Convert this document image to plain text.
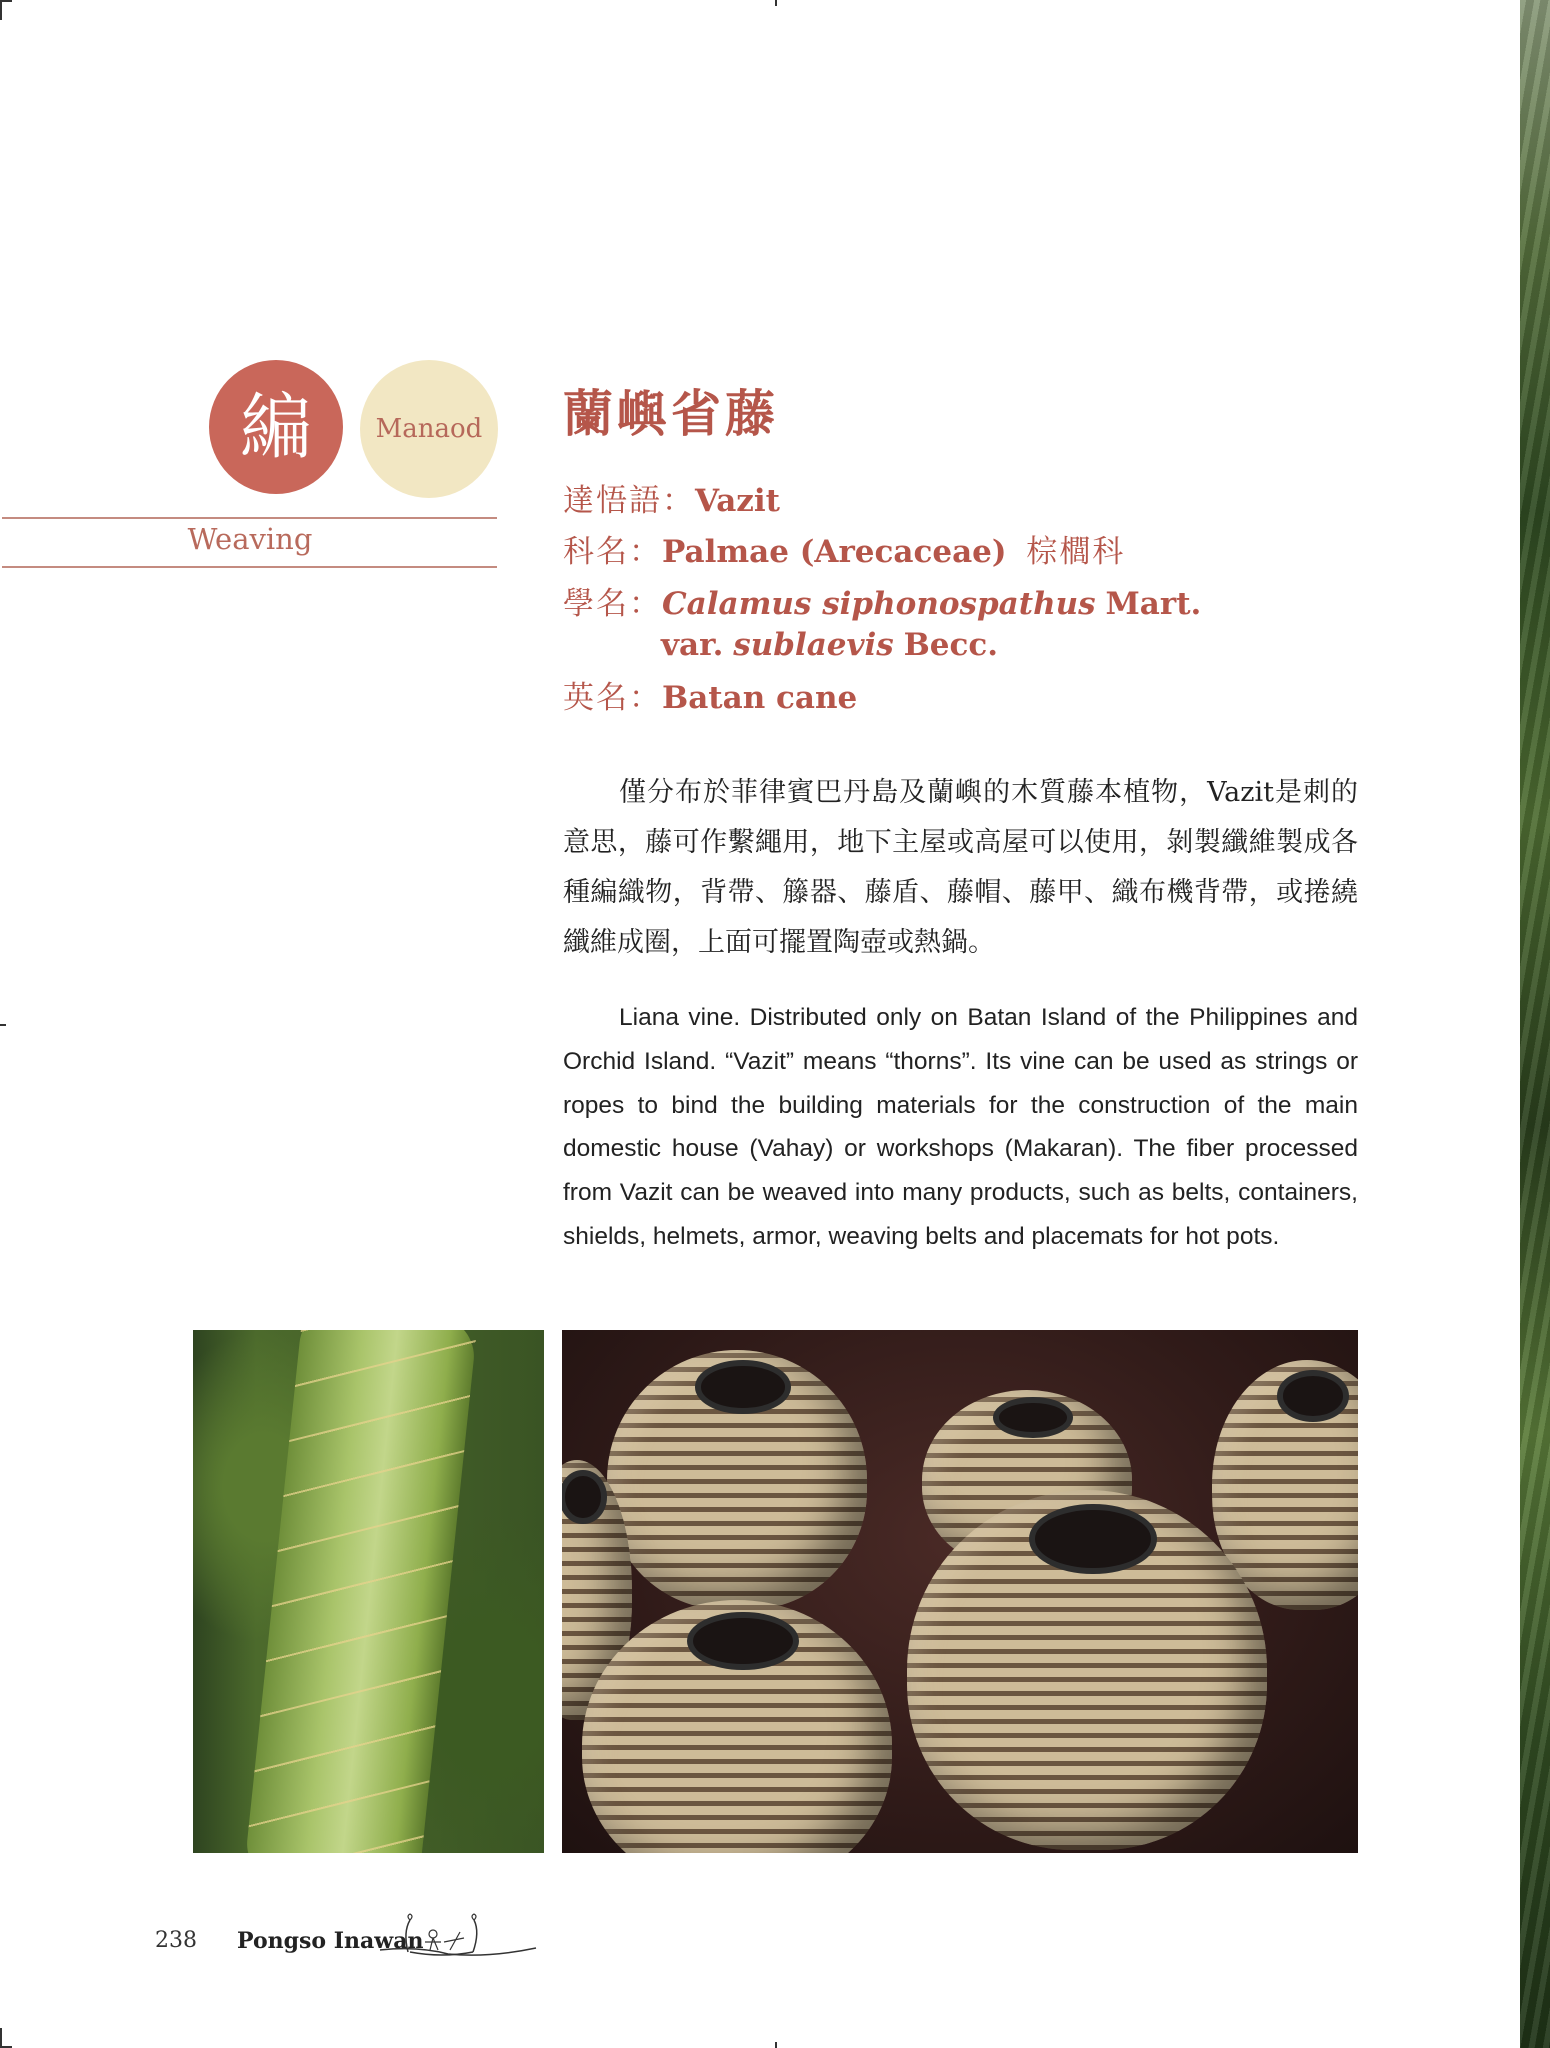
編 Manaod
Weaving
蘭嶼省藤
達悟語：Vazit
科名：Palmae (Arecaceae) 棕櫚科
學名：Calamus siphonospathus Mart.
var. sublaevis Becc.
英名：Batan cane
僅分布於菲律賓巴丹島及蘭嶼的木質藤本植物，Vazit是刺的意思，藤可作繫繩用，地下主屋或高屋可以使用，剝製纖維製成各種編織物，背帶、籐器、藤盾、藤帽、藤甲、織布機背帶，或捲繞纖維成圈，上面可擺置陶壺或熱鍋。
Liana vine. Distributed only on Batan Island of the Philippines and Orchid Island. “Vazit” means “thorns”. Its vine can be used as strings or ropes to bind the building materials for the construction of the main domestic house (Vahay) or workshops (Makaran). The fiber processed from Vazit can be weaved into many products, such as belts, containers, shields, helmets, armor, weaving belts and placemats for hot pots.
238 Pongso Inawan
